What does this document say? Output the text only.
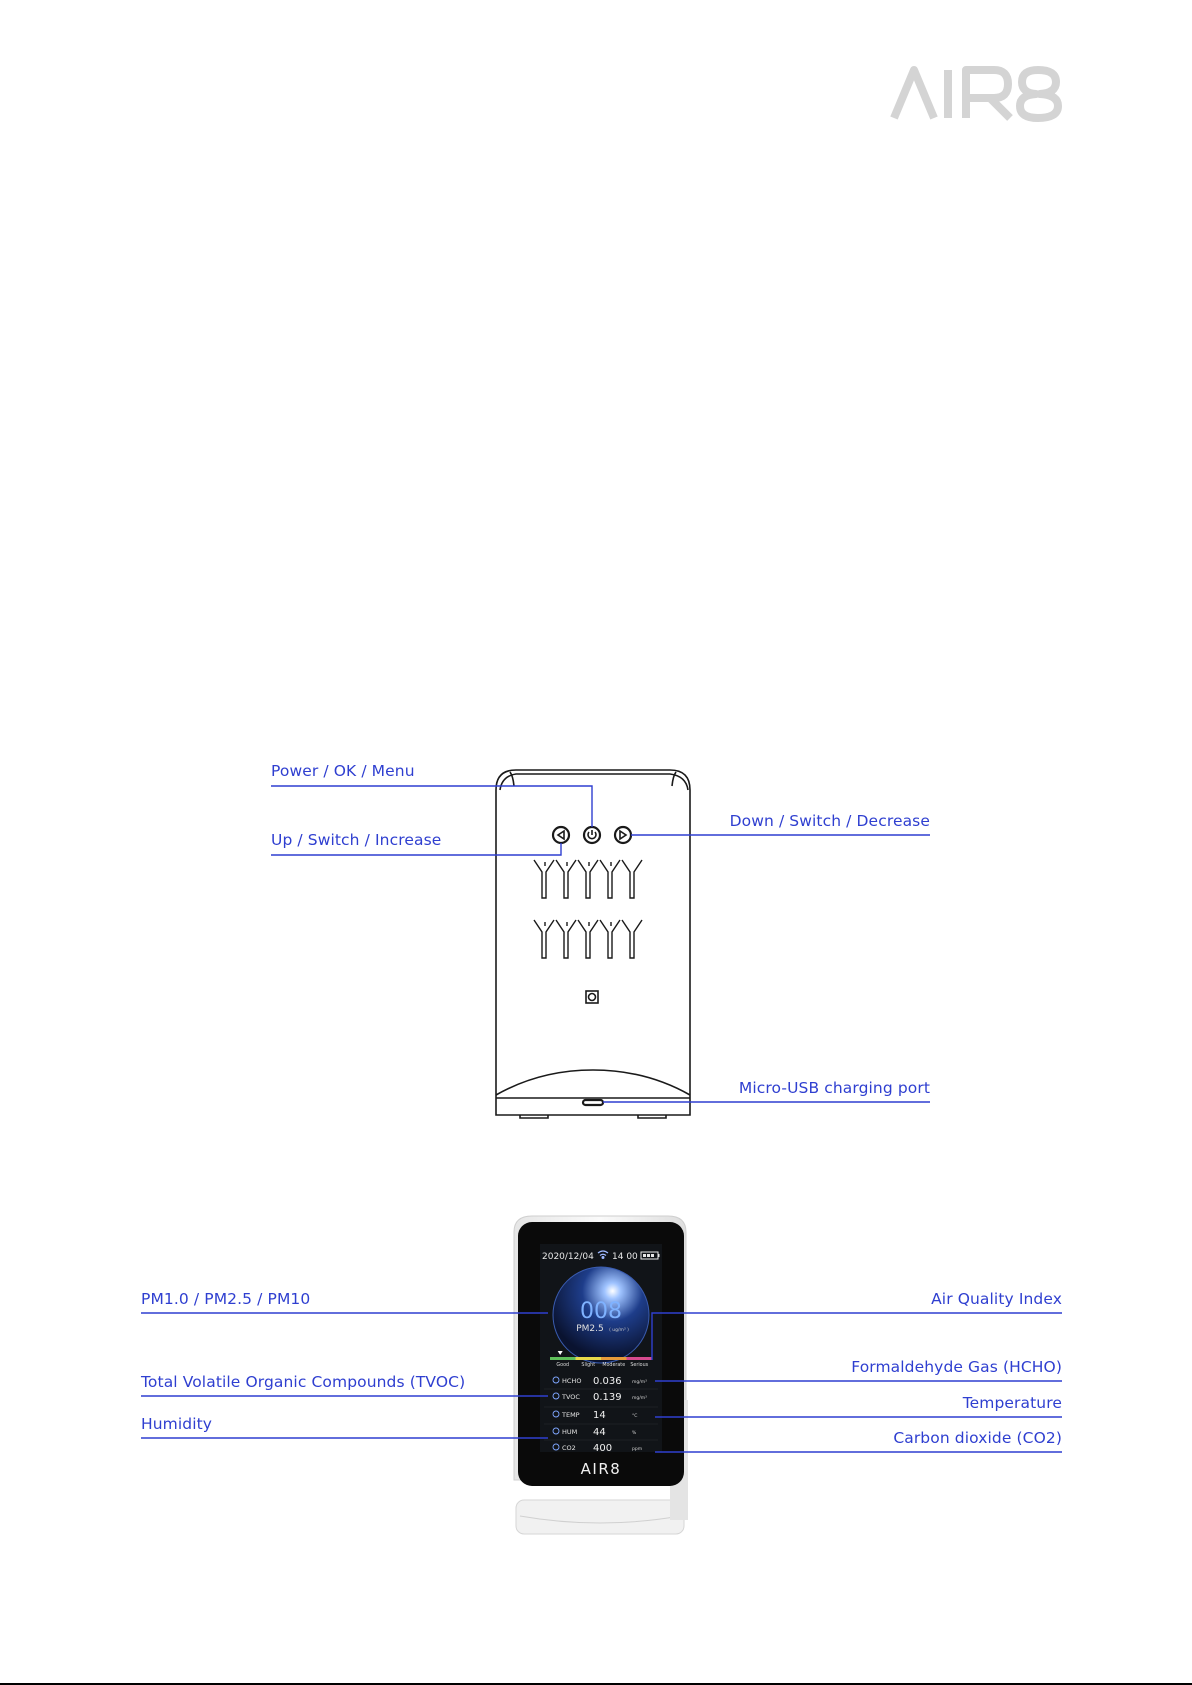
Power / OK / Menu
Up / Switch / Increase
Down / Switch / Decrease
Micro-USB charging port
2020/12/04 14 00
008
PM2.5 ( ug/m³ )
Good	Slight Moderate Serious
HCHO 0.036 mg/m³
TVOC 0.139 mg/m³
TEMP 14	°C
HUM 44	%
CO2 400	ppm
AIR8
PM1.0 / PM2.5 / PM10	Air Quality Index
Total Volatile Organic Compounds (TVOC)
Formaldehyde Gas (HCHO)
Humidity
Temperature
Carbon dioxide (CO2)
